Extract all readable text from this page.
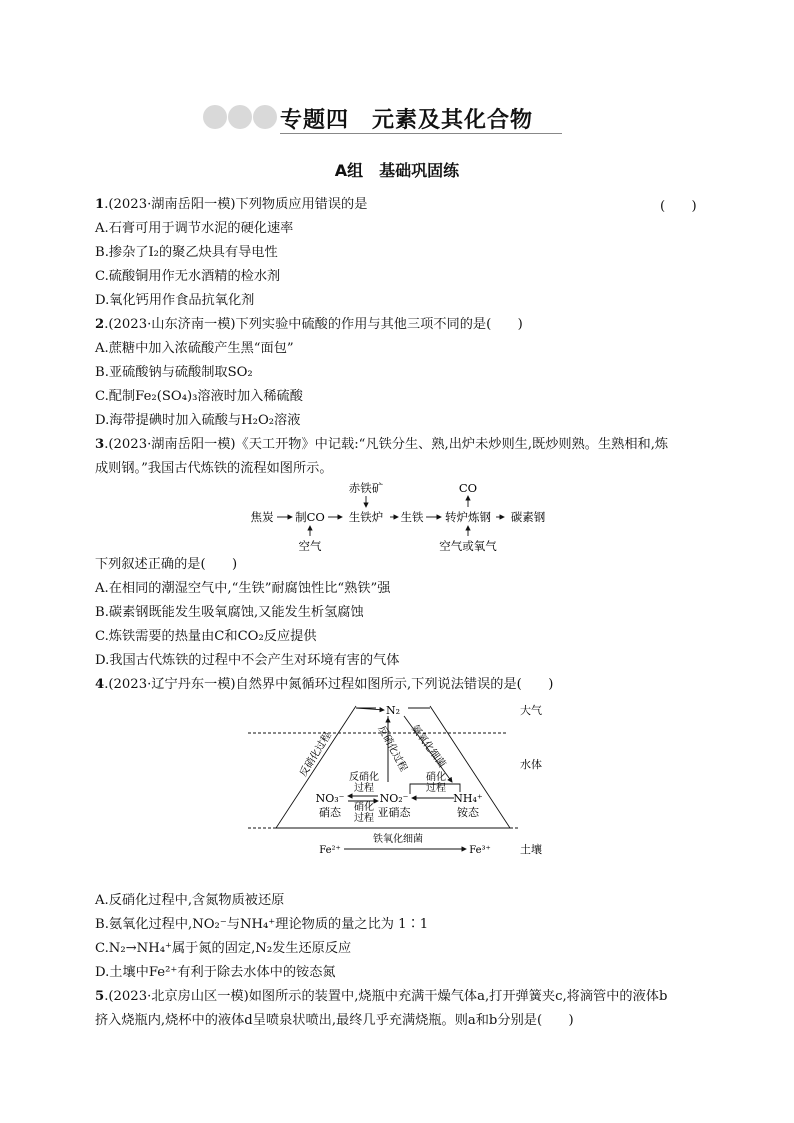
专题四　元素及其化合物
A组　基础巩固练
1.(2023·湖南岳阳一模)下列物质应用错误的是	(　　)
A.石膏可用于调节水泥的硬化速率
B.掺杂了I₂的聚乙炔具有导电性
C.硫酸铜用作无水酒精的检水剂
D.氧化钙用作食品抗氧化剂
2.(2023·山东济南一模)下列实验中硫酸的作用与其他三项不同的是(　　)
A.蔗糖中加入浓硫酸产生黑“面包”
B.亚硫酸钠与硫酸制取SO₂
C.配制Fe₂(SO₄)₃溶液时加入稀硫酸
D.海带提碘时加入硫酸与H₂O₂溶液
3.(2023·湖南岳阳一模)《天工开物》中记载:“凡铁分生、熟,出炉未炒则生,既炒则熟。生熟相和,炼
成则钢。”我国古代炼铁的流程如图所示。
赤铁矿	CO
焦炭 制CO 生铁炉 生铁 转炉炼钢 碳素钢
空气	空气或氧气
下列叙述正确的是(　　)
A.在相同的潮湿空气中,“生铁”耐腐蚀性比“熟铁”强
B.碳素钢既能发生吸氧腐蚀,又能发生析氢腐蚀
C.炼铁需要的热量由C和CO₂反应提供
D.我国古代炼铁的过程中不会产生对环境有害的气体
4.(2023·辽宁丹东一模)自然界中氮循环过程如图所示,下列说法错误的是(　　)
N₂	大气
水体
土壤
反硝化过程	反硝化过程 氨氧化细菌
反硝化
过程
硝化
过程
NO₃⁻
硝态
NO₂⁻
亚硝态
NH₄⁺
铵态
硝化
过程
铁氧化细菌
Fe²⁺	Fe³⁺
A.反硝化过程中,含氮物质被还原
B.氨氧化过程中,NO₂⁻与NH₄⁺理论物质的量之比为 1∶1
C.N₂→NH₄⁺属于氮的固定,N₂发生还原反应
D.土壤中Fe²⁺有利于除去水体中的铵态氮
5.(2023·北京房山区一模)如图所示的装置中,烧瓶中充满干燥气体a,打开弹簧夹c,将滴管中的液体b
挤入烧瓶内,烧杯中的液体d呈喷泉状喷出,最终几乎充满烧瓶。则a和b分别是(　　)
